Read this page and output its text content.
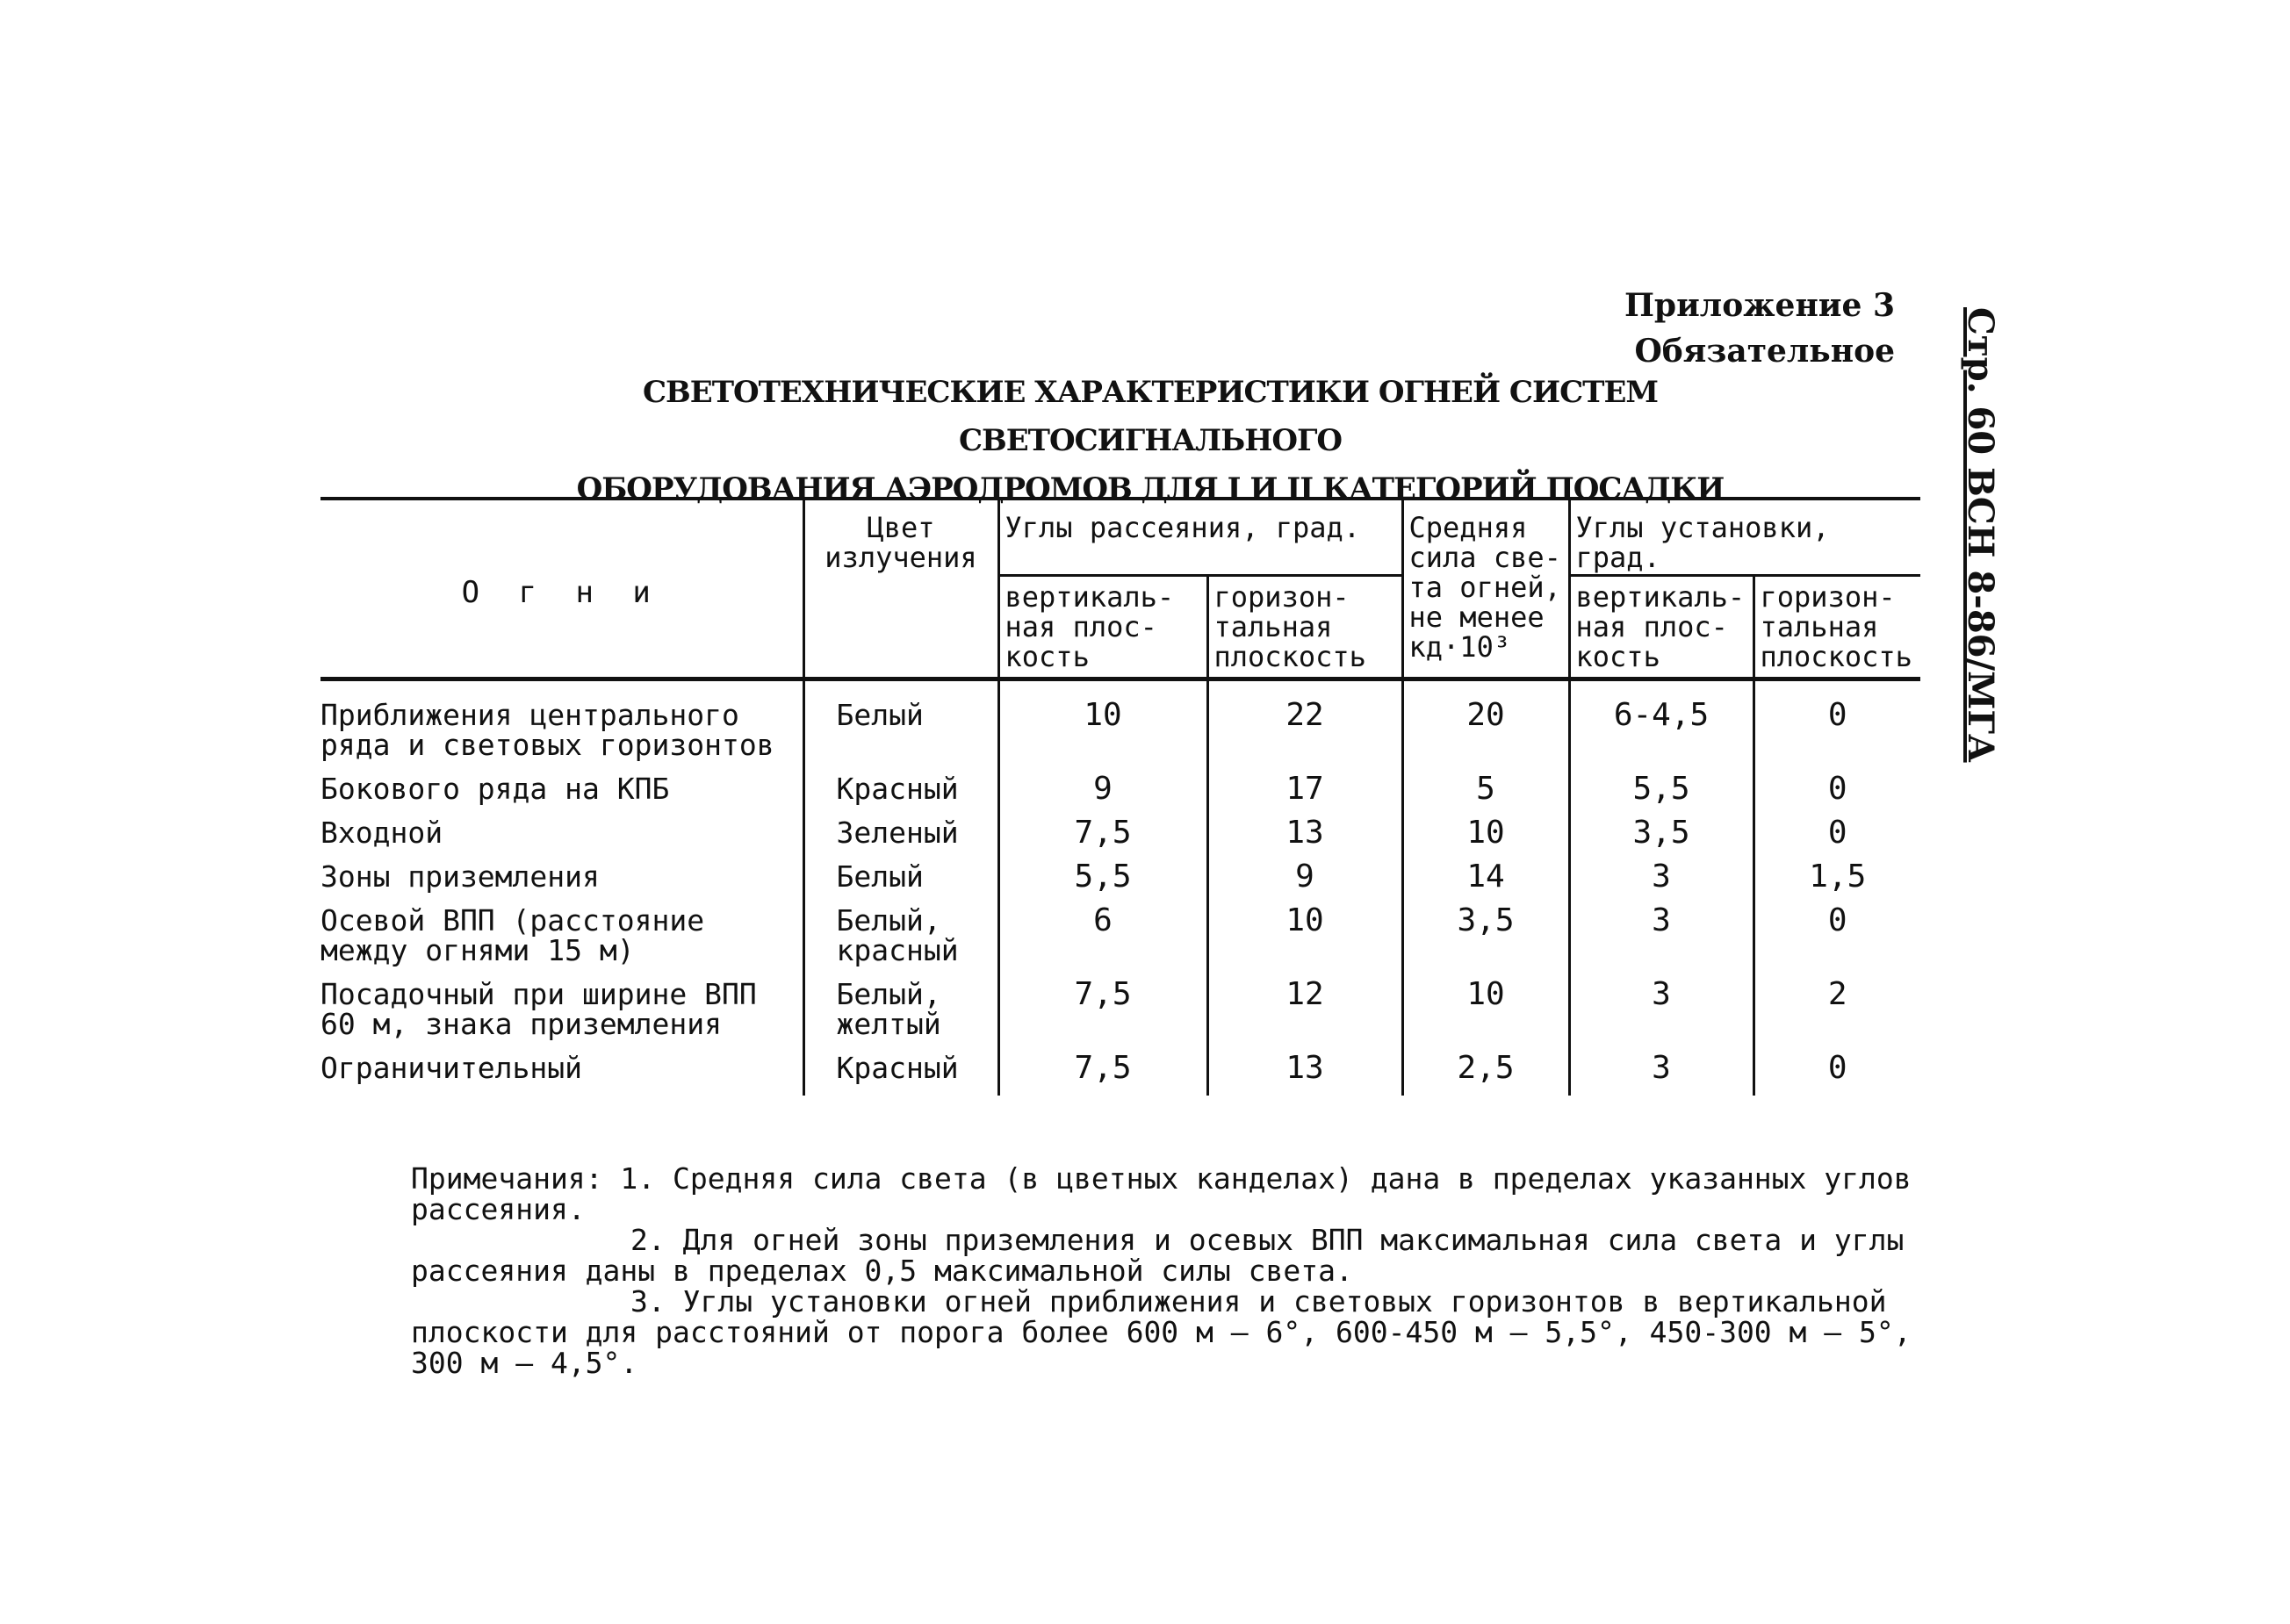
Приложение 3
Обязательное Стр. 60 ВСН 8-86/МГА
СВЕТОТЕХНИЧЕСКИЕ ХАРАКТЕРИСТИКИ ОГНЕЙ СИСТЕМ СВЕТОСИГНАЛЬНОГО
ОБОРУДОВАНИЯ АЭРОДРОМОВ ДЛЯ I И II КАТЕГОРИЙ ПОСАДКИ
О г н и	Цвет излучения	Углы рассеяния, град.		Средняя сила све-та огней, не менее кд·10³	Углы установки, град.	
		вертикаль-ная плос-кость	горизон-тальная плоскость		вертикаль-ная плос-кость	горизон-тальная плоскость
Приближения центрального ряда и световых горизонтов	Белый	10	22	20	6-4,5	0
Бокового ряда на КПБ	Красный	9	17	5	5,5	0
Входной	Зеленый	7,5	13	10	3,5	0
Зоны приземления	Белый	5,5	9	14	3	1,5
Осевой ВПП (расстояние между огнями 15 м)	Белый, красный	6	10	3,5	3	0
Посадочный при ширине ВПП 60 м, знака приземления	Белый, желтый	7,5	12	10	3	2
Ограничительный	Красный	7,5	13	2,5	3	0

Примечания: 1. Средняя сила света (в цветных канделах) дана в пределах указанных углов рассеяния.

2. Для огней зоны приземления и осевых ВПП максимальная сила света и углы рассеяния даны в пределах 0,5 максимальной силы света.

3. Углы установки огней приближения и световых горизонтов в вертикальной плоскости для расстояний от порога более 600 м – 6°, 600-450 м – 5,5°, 450-300 м – 5°, 300 м – 4,5°.
